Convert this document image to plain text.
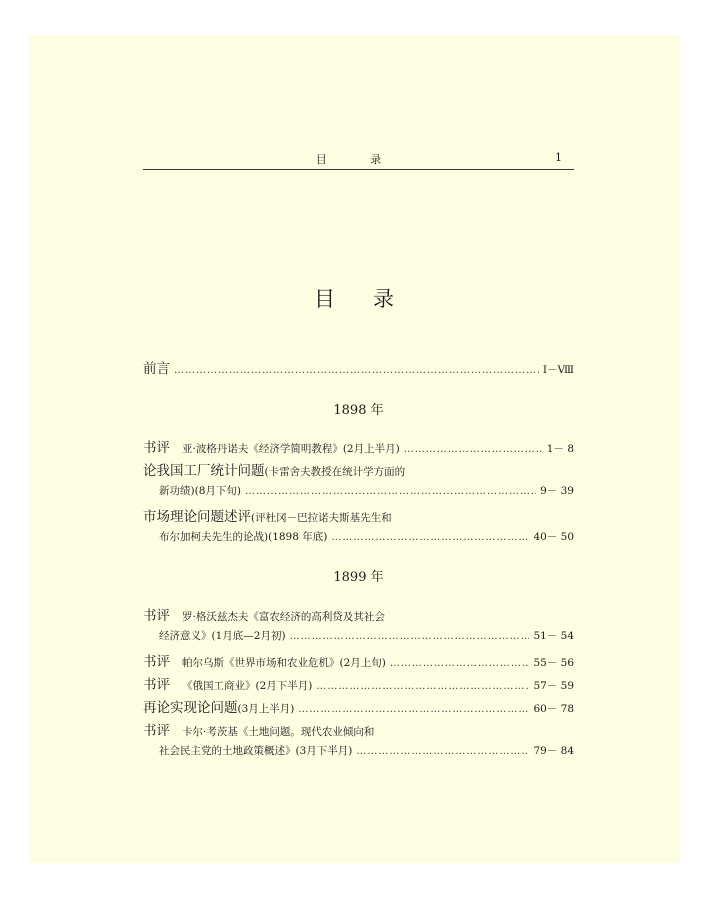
目 录	1
目录
前言 …………………………………………………………………………………………………………	Ⅰ－Ⅷ
1898 年
书评 亚·波格丹诺夫《经济学简明教程》(2月上半月) …………………………………………………………………………………………………………	1－ 8
论我国工厂统计问题 (卡雷舍夫教授在统计学方面的
新功绩)(8月下旬) …………………………………………………………………………………………………………	9－ 39
市场理论问题述评 (评杜冈－巴拉诺夫斯基先生和
布尔加柯夫先生的论战)(1898 年底) …………………………………………………………………………………………………………	40－ 50
1899 年
书评 罗·格沃兹杰夫《富农经济的高利贷及其社会
经济意义》(1月底—2月初) …………………………………………………………………………………………………………	51－ 54
书评 帕尔乌斯《世界市场和农业危机》(2月上旬) …………………………………………………………………………………………………………	55－ 56
书评 《俄国工商业》(2月下半月) …………………………………………………………………………………………………………	57－ 59
再论实现论问题 (3月上半月) …………………………………………………………………………………………………………	60－ 78
书评 卡尔·考茨基《土地问题。现代农业倾向和
社会民主党的土地政策概述》(3月下半月) …………………………………………………………………………………………………………	79－ 84
